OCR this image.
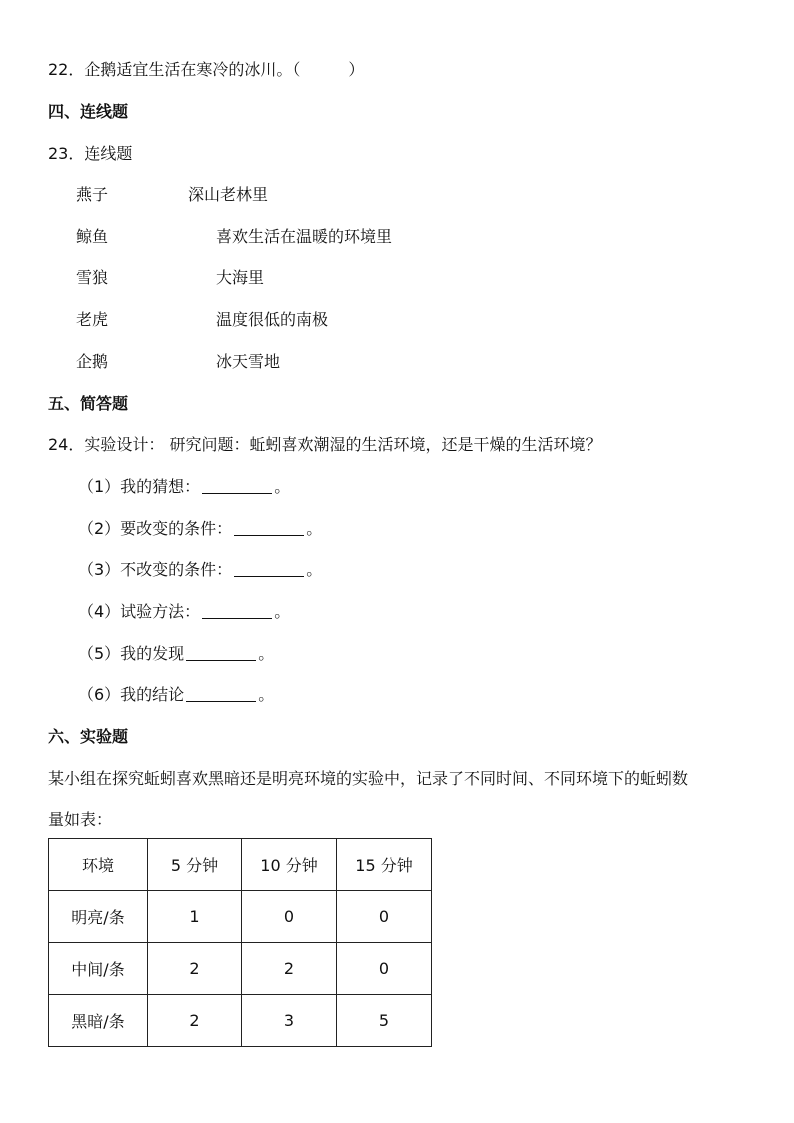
22．企鹅适宜生活在寒冷的冰川。（　　　）
四、连线题
23．连线题
燕子	深山老林里
鲸鱼	喜欢生活在温暖的环境里
雪狼	大海里
老虎	温度很低的南极
企鹅	冰天雪地
五、简答题
24．实验设计： 研究问题：蚯蚓喜欢潮湿的生活环境，还是干燥的生活环境？
（1）我的猜想：	。
（2）要改变的条件：	。
（3）不改变的条件：	。
（4）试验方法：	。
（5）我的发现	。
（6）我的结论	。
六、实验题
某小组在探究蚯蚓喜欢黑暗还是明亮环境的实验中，记录了不同时间、不同环境下的蚯蚓数
量如表：
环境	5 分钟	10 分钟	15 分钟
明亮/条	1	0	0
中间/条	2	2	0
黑暗/条	2	3	5
